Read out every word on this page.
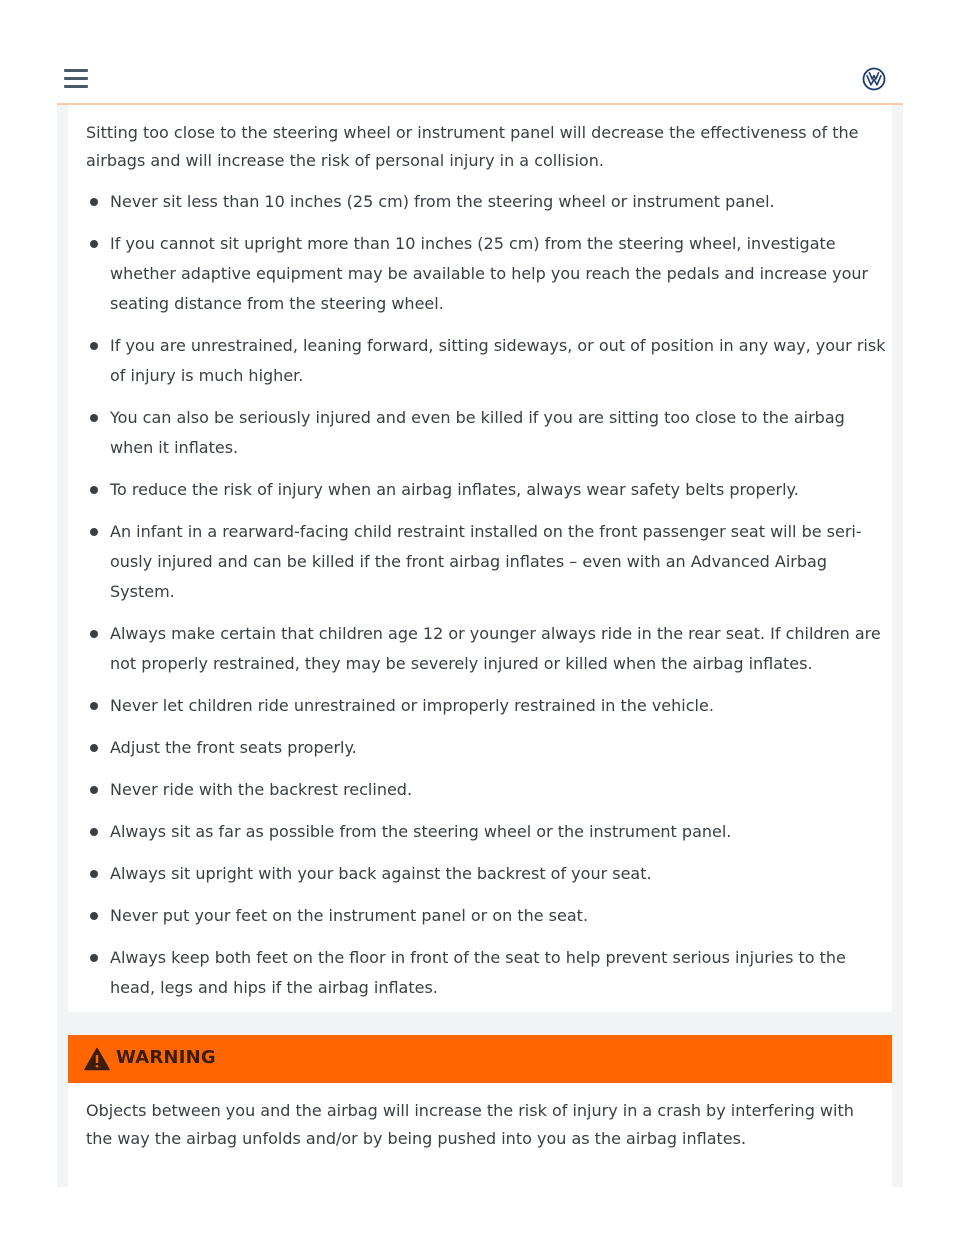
Sitting too close to the steering wheel or instrument panel will decrease the effectiveness of the airbags and will increase the risk of personal injury in a collision.

Never sit less than 10 inches (25 cm) from the steering wheel or instrument panel.
If you cannot sit upright more than 10 inches (25 cm) from the steering wheel, investigate whether adaptive equipment may be available to help you reach the pedals and increase your seating distance from the steering wheel.
If you are unrestrained, leaning forward, sitting sideways, or out of position in any way, your risk of injury is much higher.
You can also be seriously injured and even be killed if you are sitting too close to the airbag when it inflates.
To reduce the risk of injury when an airbag inflates, always wear safety belts properly.
An infant in a rearward-facing child restraint installed on the front passenger seat will be seri- ously injured and can be killed if the front airbag inflates – even with an Advanced Airbag System.
Always make certain that children age 12 or younger always ride in the rear seat. If children are not properly restrained, they may be severely injured or killed when the airbag inflates.
Never let children ride unrestrained or improperly restrained in the vehicle.
Adjust the front seats properly.
Never ride with the backrest reclined.
Always sit as far as possible from the steering wheel or the instrument panel.
Always sit upright with your back against the backrest of your seat.
Never put your feet on the instrument panel or on the seat.
Always keep both feet on the floor in front of the seat to help prevent serious injuries to the head, legs and hips if the airbag inflates.
WARNING

Objects between you and the airbag will increase the risk of injury in a crash by interfering with the way the airbag unfolds and/or by being pushed into you as the airbag inflates.
